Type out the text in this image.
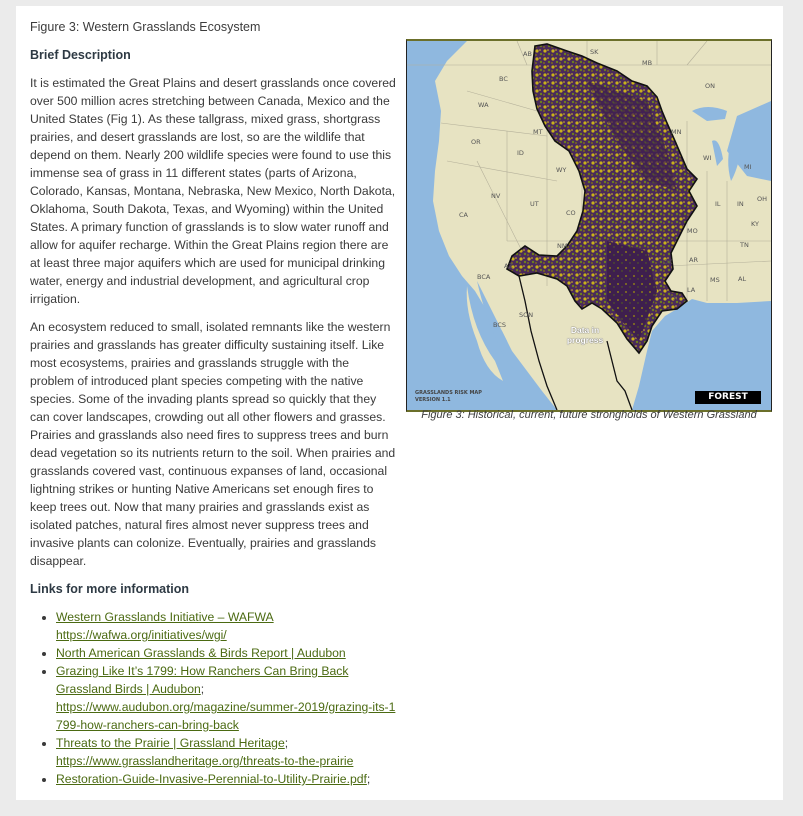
Figure 3: Western Grasslands Ecosystem
Brief Description

It is estimated the Great Plains and desert grasslands once covered over 500 million acres stretching between Canada, Mexico and the United States (Fig 1). As these tallgrass, mixed grass, shortgrass prairies, and desert grasslands are lost, so are the wildlife that depend on them. Nearly 200 wildlife species were found to use this immense sea of grass in 11 different states (parts of Arizona, Colorado, Kansas, Montana, Nebraska, New Mexico, North Dakota, Oklahoma, South Dakota, Texas, and Wyoming) within the United States. A primary function of grasslands is to slow water runoff and allow for aquifer recharge. Within the Great Plains region there are at least three major aquifers which are used for municipal drinking water, energy and industrial development, and agricultural crop irrigation.

An ecosystem reduced to small, isolated remnants like the western prairies and grasslands has greater difficulty sustaining itself. Like most ecosystems, prairies and grasslands struggle with the problem of introduced plant species competing with the native species. Some of the invading plants spread so quickly that they can cover landscapes, crowding out all other flowers and grasses. Prairies and grasslands also need fires to suppress trees and burn dead vegetation so its nutrients return to the soil. When prairies and grasslands covered vast, continuous expanses of land, occasional lightning strikes or hunting Native Americans set enough fires to keep trees out. Now that many prairies and grasslands exist as isolated patches, natural fires almost never suppress trees and invasive plants can colonize. Eventually, prairies and grasslands disappear.

Links for more information
• Western Grasslands Initiative – WAFWA
https://wafwa.org/initiatives/wgi/
• North American Grasslands & Birds Report | Audubon
• Grazing Like It’s 1799: How Ranchers Can Bring Back Grassland Birds | Audubon;
https://www.audubon.org/magazine/summer-2019/grazing-its-1799-how-ranchers-can-bring-back
• Threats to the Prairie | Grassland Heritage;
https://www.grasslandheritage.org/threats-to-the-prairie
• Restoration-Guide-Invasive-Perennial-to-Utility-Prairie.pdf;
AB	SK
MB
BC
ON
WA
MT	MN
OR
ID
WI
MI
WY
NV
UT	IL	IN
OH
CA	CO
KY
MO
TN
NM
OK	AR
AZ
BCA	MS	AL
LA
TX
SON
BCS	Data in progress
GRASSLANDS RISK MAP
VERSION 1.1	FOREST
Figure 3: Historical, current, future strongholds of Western Grassland
